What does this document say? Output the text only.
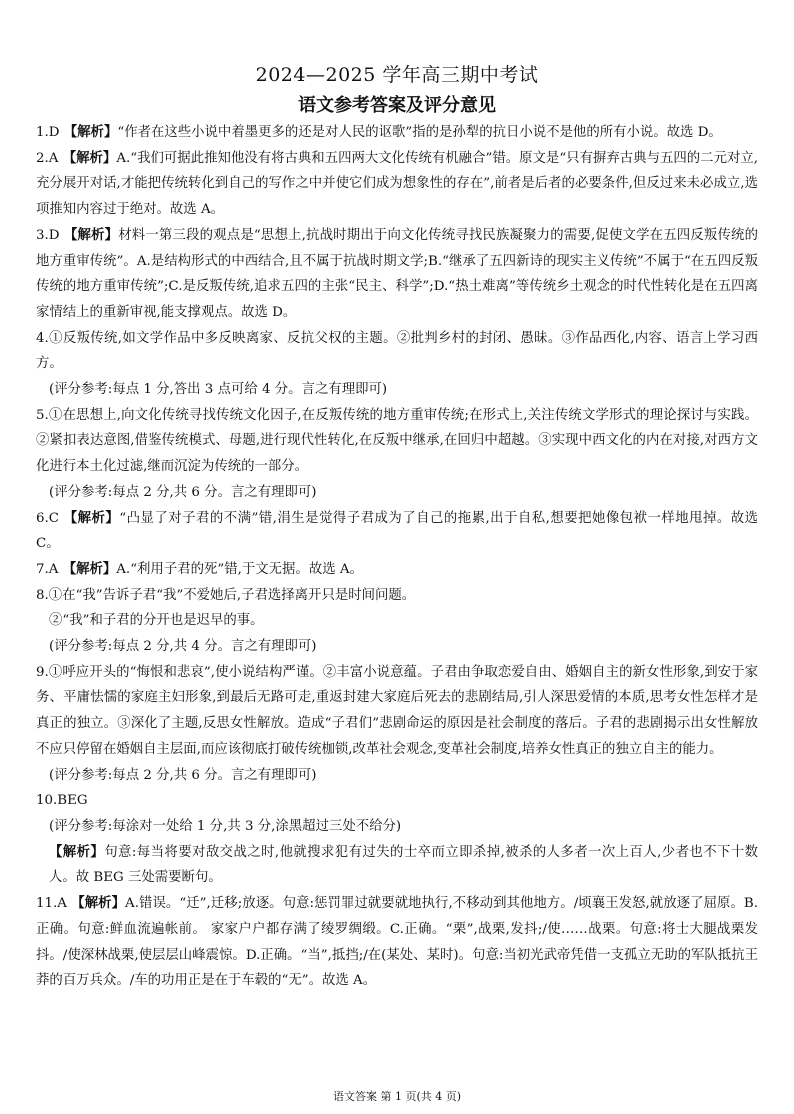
2024—2025 学年高三期中考试
语文参考答案及评分意见

1.D 【解析】“作者在这些小说中着墨更多的还是对人民的讴歌”指的是孙犁的抗日小说不是他的所有小说。故选 D。

2.A 【解析】A.“我们可据此推知他没有将古典和五四两大文化传统有机融合”错。原文是“只有摒弃古典与五四的二元对立,充分展开对话,才能把传统转化到自己的写作之中并使它们成为想象性的存在”,前者是后者的必要条件,但反过来未必成立,选项推知内容过于绝对。故选 A。

3.D 【解析】材料一第三段的观点是“思想上,抗战时期出于向文化传统寻找民族凝聚力的需要,促使文学在五四反叛传统的地方重审传统”。A.是结构形式的中西结合,且不属于抗战时期文学;B.“继承了五四新诗的现实主义传统”不属于“在五四反叛传统的地方重审传统”;C.是反叛传统,追求五四的主张“民主、科学”;D.“热土难离”等传统乡土观念的时代性转化是在五四离家情结上的重新审视,能支撑观点。故选 D。

4.①反叛传统,如文学作品中多反映离家、反抗父权的主题。②批判乡村的封闭、愚昧。③作品西化,内容、语言上学习西方。

(评分参考:每点 1 分,答出 3 点可给 4 分。言之有理即可)

5.①在思想上,向文化传统寻找传统文化因子,在反叛传统的地方重审传统;在形式上,关注传统文学形式的理论探讨与实践。②紧扣表达意图,借鉴传统模式、母题,进行现代性转化,在反叛中继承,在回归中超越。③实现中西文化的内在对接,对西方文化进行本土化过滤,继而沉淀为传统的一部分。

(评分参考:每点 2 分,共 6 分。言之有理即可)

6.C 【解析】“凸显了对子君的不满”错,涓生是觉得子君成为了自己的拖累,出于自私,想要把她像包袱一样地甩掉。故选 C。

7.A 【解析】A.“利用子君的死”错,于文无据。故选 A。

8.①在“我”告诉子君“我”不爱她后,子君选择离开只是时间问题。

②“我”和子君的分开也是迟早的事。

(评分参考:每点 2 分,共 4 分。言之有理即可)

9.①呼应开头的“悔恨和悲哀”,使小说结构严谨。②丰富小说意蕴。子君由争取恋爱自由、婚姻自主的新女性形象,到安于家务、平庸怯懦的家庭主妇形象,到最后无路可走,重返封建大家庭后死去的悲剧结局,引人深思爱情的本质,思考女性怎样才是真正的独立。③深化了主题,反思女性解放。造成“子君们”悲剧命运的原因是社会制度的落后。子君的悲剧揭示出女性解放不应只停留在婚姻自主层面,而应该彻底打破传统枷锁,改革社会观念,变革社会制度,培养女性真正的独立自主的能力。

(评分参考:每点 2 分,共 6 分。言之有理即可)

10.BEG

(评分参考:每涂对一处给 1 分,共 3 分,涂黑超过三处不给分)

【解析】句意:每当将要对敌交战之时,他就搜求犯有过失的士卒而立即杀掉,被杀的人多者一次上百人,少者也不下十数人。故 BEG 三处需要断句。

11.A 【解析】A.错误。“迁”,迁移;放逐。句意:惩罚罪过就要就地执行,不移动到其他地方。/顷襄王发怒,就放逐了屈原。B.正确。句意:鲜血流遍帐前。 家家户户都存满了绫罗绸缎。C.正确。“栗”,战栗,发抖;/使……战栗。句意:将士大腿战栗发抖。/使深林战栗,使层层山峰震惊。D.正确。“当”,抵挡;/在(某处、某时)。句意:当初光武帝凭借一支孤立无助的军队抵抗王莽的百万兵众。/车的功用正是在于车毂的“无”。故选 A。

语文答案 第 1 页(共 4 页)
